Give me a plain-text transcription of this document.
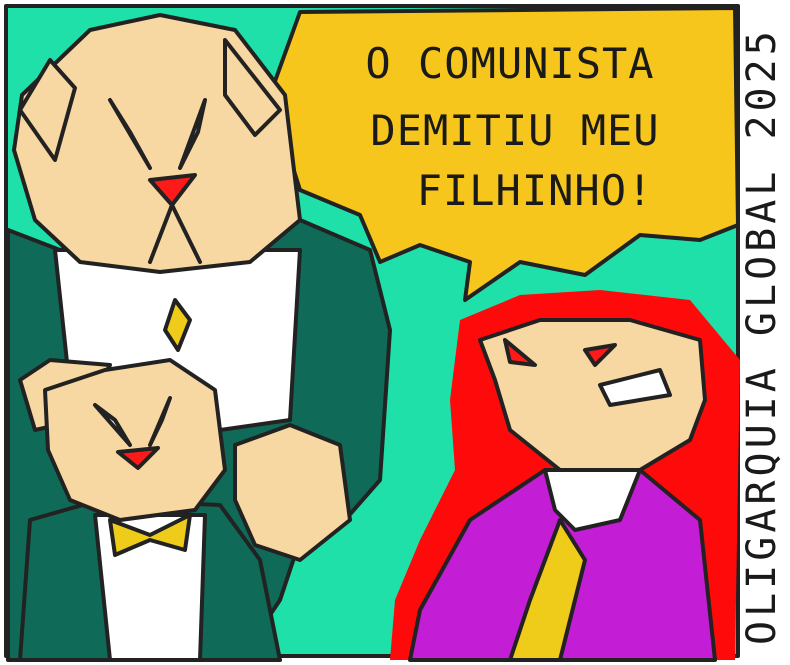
O COMUNISTA
DEMITIU MEU
FILHINHO! OLIGARQUIA GLOBAL 2025
